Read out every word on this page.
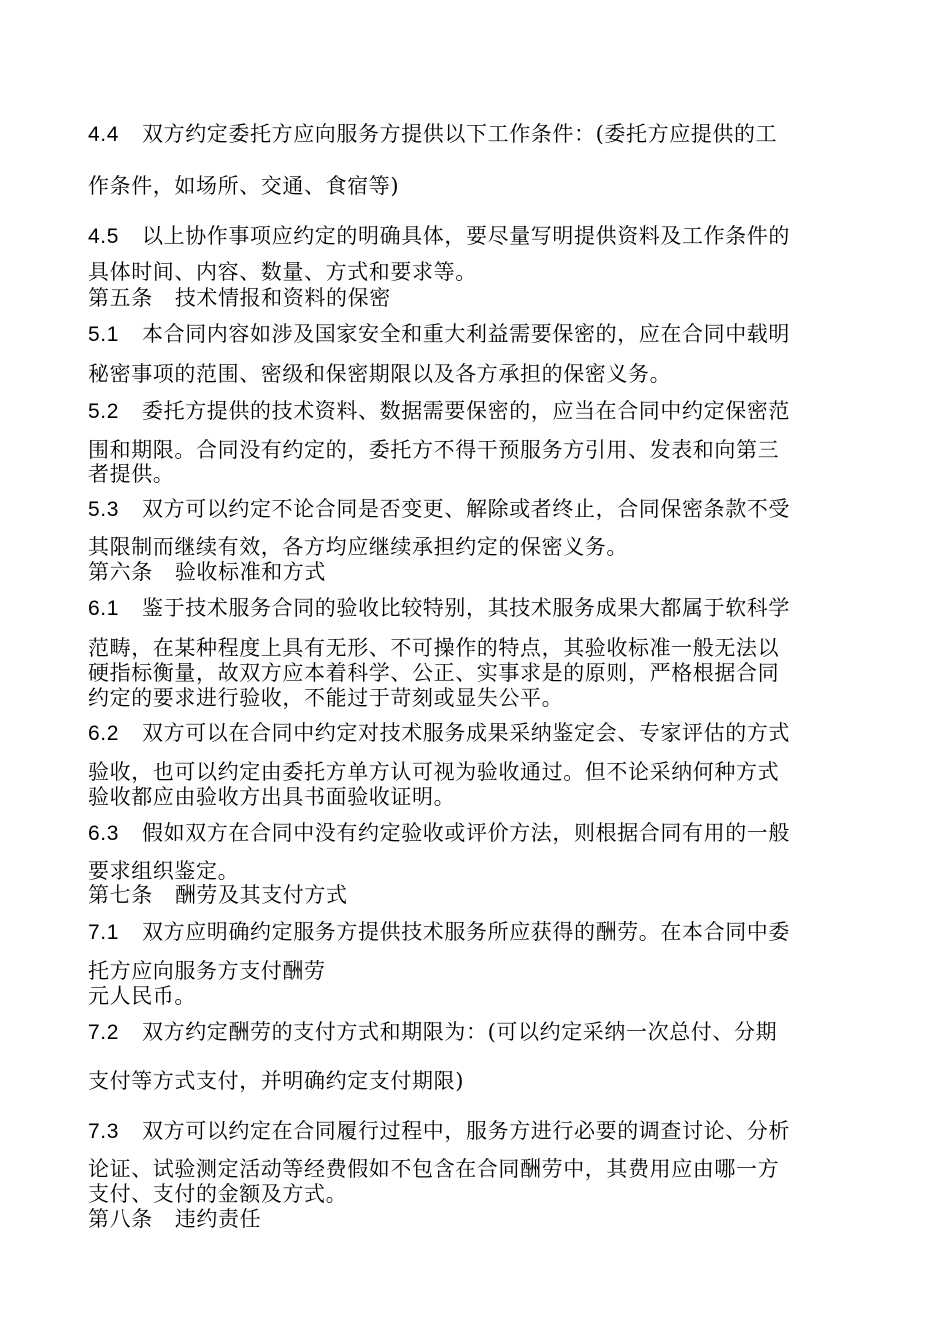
4.4 双方约定委托方应向服务方提供以下工作条件：(委托方应提供的工
作条件，如场所、交通、食宿等)
4.5 以上协作事项应约定的明确具体，要尽量写明提供资料及工作条件的
具体时间、内容、数量、方式和要求等。
第五条 技术情报和资料的保密
5.1 本合同内容如涉及国家安全和重大利益需要保密的，应在合同中载明
秘密事项的范围、密级和保密期限以及各方承担的保密义务。
5.2 委托方提供的技术资料、数据需要保密的，应当在合同中约定保密范
围和期限。合同没有约定的，委托方不得干预服务方引用、发表和向第三
者提供。
5.3 双方可以约定不论合同是否变更、解除或者终止，合同保密条款不受
其限制而继续有效，各方均应继续承担约定的保密义务。
第六条 验收标准和方式
6.1 鉴于技术服务合同的验收比较特别，其技术服务成果大都属于软科学
范畴，在某种程度上具有无形、不可操作的特点，其验收标准一般无法以
硬指标衡量，故双方应本着科学、公正、实事求是的原则，严格根据合同
约定的要求进行验收，不能过于苛刻或显失公平。
6.2 双方可以在合同中约定对技术服务成果采纳鉴定会、专家评估的方式
验收，也可以约定由委托方单方认可视为验收通过。但不论采纳何种方式
验收都应由验收方出具书面验收证明。
6.3 假如双方在合同中没有约定验收或评价方法，则根据合同有用的一般
要求组织鉴定。
第七条 酬劳及其支付方式
7.1 双方应明确约定服务方提供技术服务所应获得的酬劳。在本合同中委
托方应向服务方支付酬劳
元人民币。
7.2 双方约定酬劳的支付方式和期限为：(可以约定采纳一次总付、分期
支付等方式支付，并明确约定支付期限)
7.3 双方可以约定在合同履行过程中，服务方进行必要的调查讨论、分析
论证、试验测定活动等经费假如不包含在合同酬劳中，其费用应由哪一方
支付、支付的金额及方式。
第八条 违约责任
